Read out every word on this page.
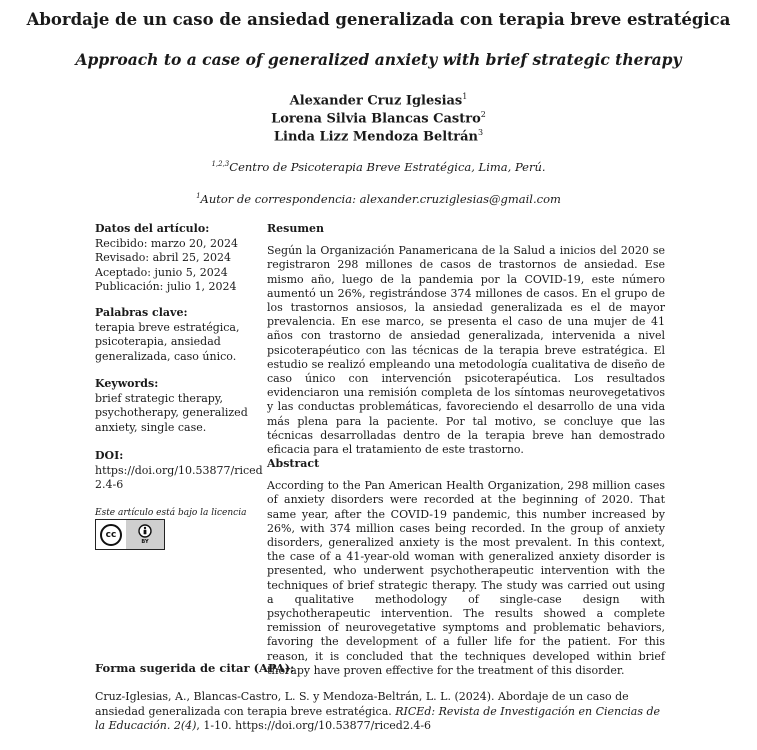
Abordaje de un caso de ansiedad generalizada con terapia breve estratégica
Approach to a case of generalized anxiety with brief strategic therapy
Alexander Cruz Iglesias$^1$
Lorena Silvia Blancas Castro$^2$
Linda Lizz Mendoza Beltrán$^3$
$^{1,2,3}$Centro de Psicoterapia Breve Estratégica, Lima, Perú.
$^1$Autor de correspondencia: alexander.cruziglesias@gmail.com

Datos del artículo:

Recibido: marzo 20, 2024

Revisado: abril 25, 2024

Aceptado: junio 5, 2024

Publicación: julio 1, 2024

Palabras clave:

terapia breve estratégica, psicoterapia, ansiedad generalizada, caso único.

Keywords:

brief strategic therapy, psychotherapy, generalized anxiety, single case.

DOI:

https://doi.org/10.53877/riced 2.4-6

Este artículo está bajo la licencia
cc
BY

Resumen

Según la Organización Panamericana de la Salud a inicios del 2020 se registraron 298 millones de casos de trastornos de ansiedad. Ese mismo año, luego de la pandemia por la COVID-19, este número aumentó un 26%, registrándose 374 millones de casos. En el grupo de los trastornos ansiosos, la ansiedad generalizada es el de mayor prevalencia. En ese marco, se presenta el caso de una mujer de 41 años con trastorno de ansiedad generalizada, intervenida a nivel psicoterapéutico con las técnicas de la terapia breve estratégica. El estudio se realizó empleando una metodología cualitativa de diseño de caso único con intervención psicoterapéutica. Los resultados evidenciaron una remisión completa de los síntomas neurovegetativos y las conductas problemáticas, favoreciendo el desarrollo de una vida más plena para la paciente. Por tal motivo, se concluye que las técnicas desarrolladas dentro de la terapia breve han demostrado eficacia para el tratamiento de este trastorno.

Abstract

According to the Pan American Health Organization, 298 million cases of anxiety disorders were recorded at the beginning of 2020. That same year, after the COVID-19 pandemic, this number increased by 26%, with 374 million cases being recorded. In the group of anxiety disorders, generalized anxiety is the most prevalent. In this context, the case of a 41-year-old woman with generalized anxiety disorder is presented, who underwent psychotherapeutic intervention with the techniques of brief strategic therapy. The study was carried out using a qualitative methodology of single-case design with psychotherapeutic intervention. The results showed a complete remission of neurovegetative symptoms and problematic behaviors, favoring the development of a fuller life for the patient. For this reason, it is concluded that the techniques developed within brief therapy have proven effective for the treatment of this disorder.

Forma sugerida de citar (APA):
Cruz-Iglesias, A., Blancas-Castro, L. S. y Mendoza-Beltrán, L. L. (2024). Abordaje de un caso de ansiedad generalizada con terapia breve estratégica. RICEd: Revista de Investigación en Ciencias de la Educación. 2(4), 1-10. https://doi.org/10.53877/riced2.4-6
